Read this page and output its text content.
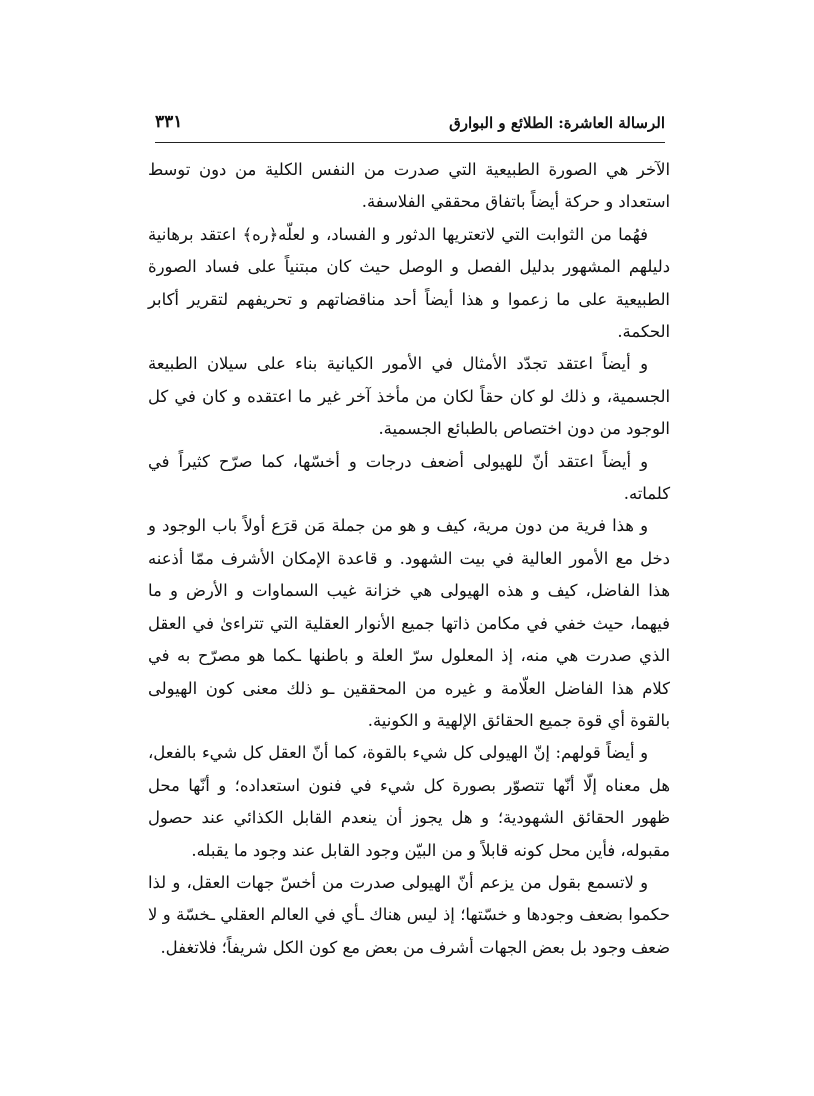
الرسالة العاشرة: الطلائع و البوارق
٣٣١

الآخر هي الصورة الطبيعية التي صدرت من النفس الكلية من دون توسط استعداد و حركة أيضاً باتفاق محققي الفلاسفة.

فهُما من الثوابت التي لاتعتريها الدثور و الفساد، و لعلّه﴿ره﴾ اعتقد برهانية دليلهم المشهور بدليل الفصل و الوصل حيث كان مبتنياً على فساد الصورة الطبيعية على ما زعموا و هذا أيضاً أحد مناقضاتهم و تحريفهم لتقرير أكابر الحكمة.

و أيضاً اعتقد تجدّد الأمثال في الأمور الكيانية بناء على سيلان الطبيعة الجسمية، و ذلك لو كان حقاً لكان من مأخذ آخر غير ما اعتقده و كان في كل الوجود من دون اختصاص بالطبائع الجسمية.

و أيضاً اعتقد أنّ للهيولى أضعف درجات و أخسّها، كما صرّح كثيراً في كلماته.

و هذا فرية من دون مرية، كيف و هو من جملة مَن قرَع أولاً باب الوجود و دخل مع الأمور العالية في بيت الشهود. و قاعدة الإمكان الأشرف ممّا أذعنه هذا الفاضل، كيف و هذه الهيولى هي خزانة غيب السماوات و الأرض و ما فيهما، حيث خفي في مكامن ذاتها جميع الأنوار العقلية التي تتراءىٰ في العقل الذي صدرت هي منه، إذ المعلول سرّ العلة و باطنها ـكما هو مصرّح به في كلام هذا الفاضل العلّامة و غيره من المحققين ـو ذلك معنى كون الهيولى بالقوة أي قوة جميع الحقائق الإلهية و الكونية.

و أيضاً قولهم: إنّ الهيولى كل شيء بالقوة، كما أنّ العقل كل شيء بالفعل، هل معناه إلّا أنّها تتصوّر بصورة كل شيء في فنون استعداده؛ و أنّها محل ظهور الحقائق الشهودية؛ و هل يجوز أن ينعدم القابل الكذائي عند حصول مقبوله، فأين محل كونه قابلاً و من البيّن وجود القابل عند وجود ما يقبله.

و لاتسمع بقول من يزعم أنّ الهيولى صدرت من أخسّ جهات العقل، و لذا حكموا بضعف وجودها و خسّتها؛ إذ ليس هناك ـأي في العالم العقلي ـخسّة و لا ضعف وجود بل بعض الجهات أشرف من بعض مع كون الكل شريفاً؛ فلاتغفل.
